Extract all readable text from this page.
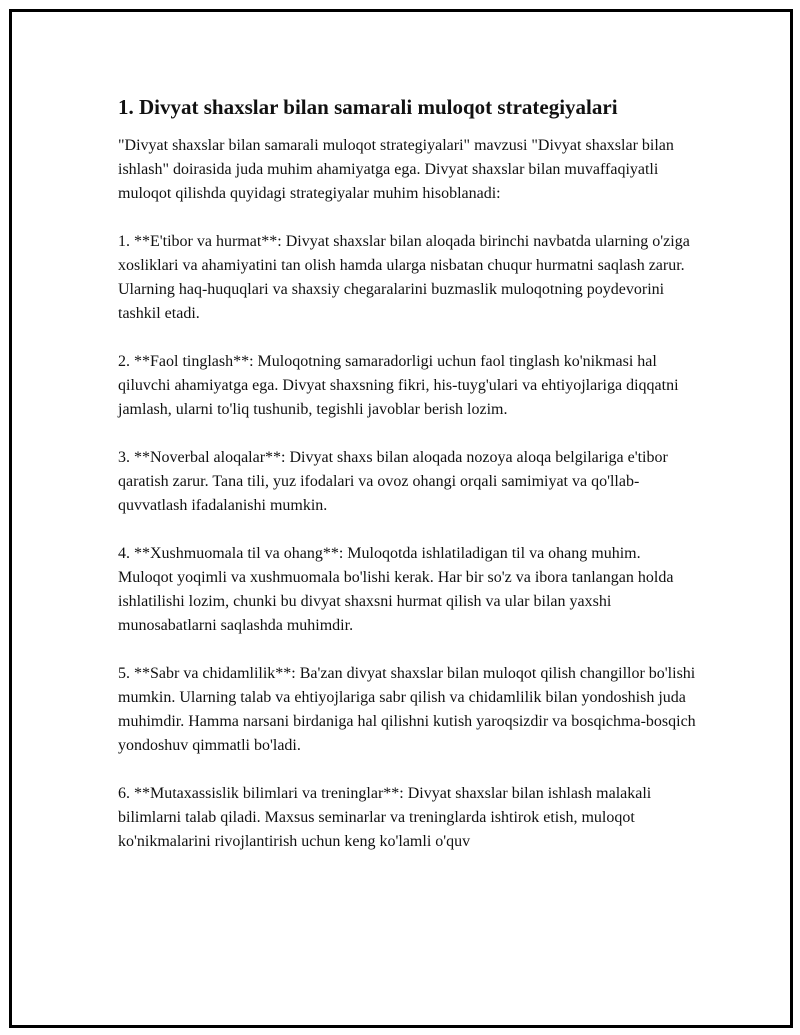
1. Divyat shaxslar bilan samarali muloqot strategiyalari

"Divyat shaxslar bilan samarali muloqot strategiyalari" mavzusi "Divyat shaxslar bilan ishlash" doirasida juda muhim ahamiyatga ega. Divyat shaxslar bilan muvaffaqiyatli muloqot qilishda quyidagi strategiyalar muhim hisoblanadi:

1. **E'tibor va hurmat**: Divyat shaxslar bilan aloqada birinchi navbatda ularning o'ziga xosliklari va ahamiyatini tan olish hamda ularga nisbatan chuqur hurmatni saqlash zarur. Ularning haq-huquqlari va shaxsiy chegaralarini buzmaslik muloqotning poydevorini tashkil etadi.

2. **Faol tinglash**: Muloqotning samaradorligi uchun faol tinglash ko'nikmasi hal qiluvchi ahamiyatga ega. Divyat shaxsning fikri, his-tuyg'ulari va ehtiyojlariga diqqatni jamlash, ularni to'liq tushunib, tegishli javoblar berish lozim.

3. **Noverbal aloqalar**: Divyat shaxs bilan aloqada nozoya aloqa belgilariga e'tibor qaratish zarur. Tana tili, yuz ifodalari va ovoz ohangi orqali samimiyat va qo'llab-quvvatlash ifadalanishi mumkin.

4. **Xushmuomala til va ohang**: Muloqotda ishlatiladigan til va ohang muhim. Muloqot yoqimli va xushmuomala bo'lishi kerak. Har bir so'z va ibora tanlangan holda ishlatilishi lozim, chunki bu divyat shaxsni hurmat qilish va ular bilan yaxshi munosabatlarni saqlashda muhimdir.

5. **Sabr va chidamlilik**: Ba'zan divyat shaxslar bilan muloqot qilish changillor bo'lishi mumkin. Ularning talab va ehtiyojlariga sabr qilish va chidamlilik bilan yondoshish juda muhimdir. Hamma narsani birdaniga hal qilishni kutish yaroqsizdir va bosqichma-bosqich yondoshuv qimmatli bo'ladi.

6. **Mutaxassislik bilimlari va treninglar**: Divyat shaxslar bilan ishlash malakali bilimlarni talab qiladi. Maxsus seminarlar va treninglarda ishtirok etish, muloqot ko'nikmalarini rivojlantirish uchun keng ko'lamli o'quv
